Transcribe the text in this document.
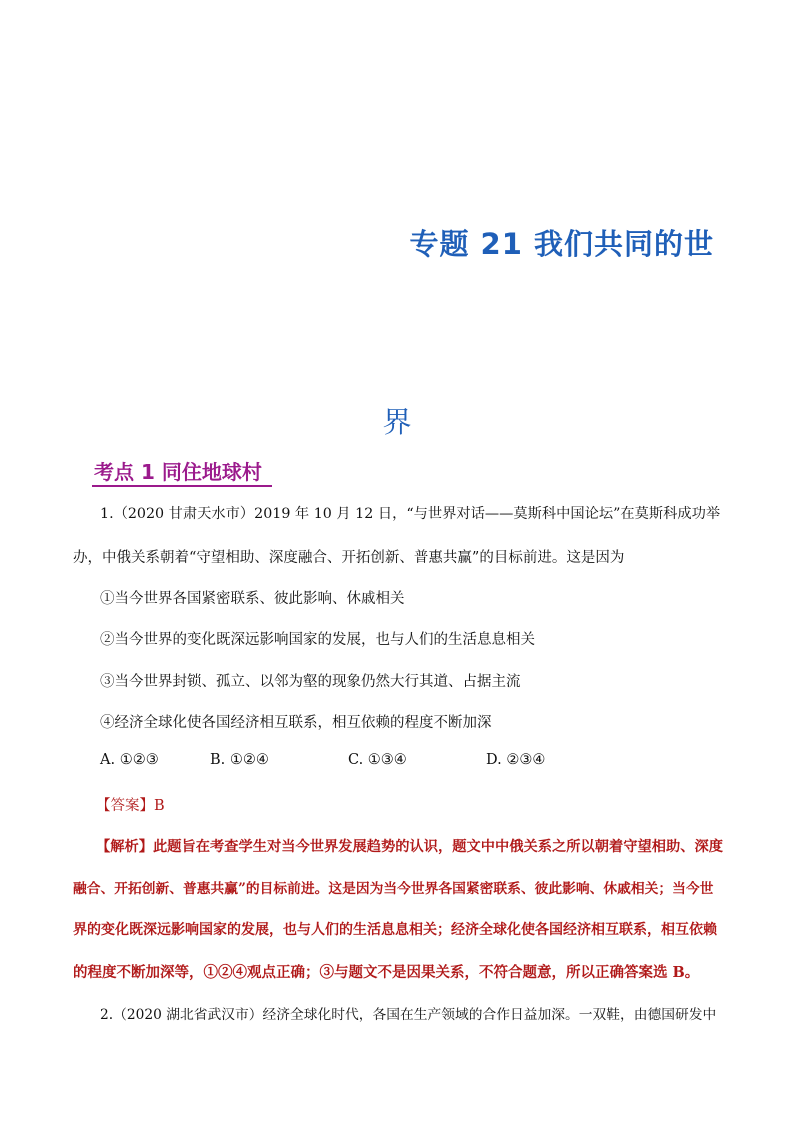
专题 21 我们共同的世
界
考点 1 同住地球村
1.（2020 甘肃天水市）2019 年 10 月 12 日，“与世界对话——莫斯科中国论坛”在莫斯科成功举
办，中俄关系朝着“守望相助、深度融合、开拓创新、普惠共赢”的目标前进。这是因为
①当今世界各国紧密联系、彼此影响、休戚相关
②当今世界的变化既深远影响国家的发展，也与人们的生活息息相关
③当今世界封锁、孤立、以邻为壑的现象仍然大行其道、占据主流
④经济全球化使各国经济相互联系，相互依赖的程度不断加深
A. ①②③	B. ①②④	C. ①③④	D. ②③④
【答案】B
【解析】此题旨在考查学生对当今世界发展趋势的认识，题文中中俄关系之所以朝着守望相助、深度
融合、开拓创新、普惠共赢”的目标前进。这是因为当今世界各国紧密联系、彼此影响、休戚相关；当今世
界的变化既深远影响国家的发展，也与人们的生活息息相关；经济全球化使各国经济相互联系，相互依赖
的程度不断加深等，①②④观点正确；③与题文不是因果关系，不符合题意，所以正确答案选 B。
2.（2020 湖北省武汉市）经济全球化时代，各国在生产领域的合作日益加深。一双鞋，由德国研发中
